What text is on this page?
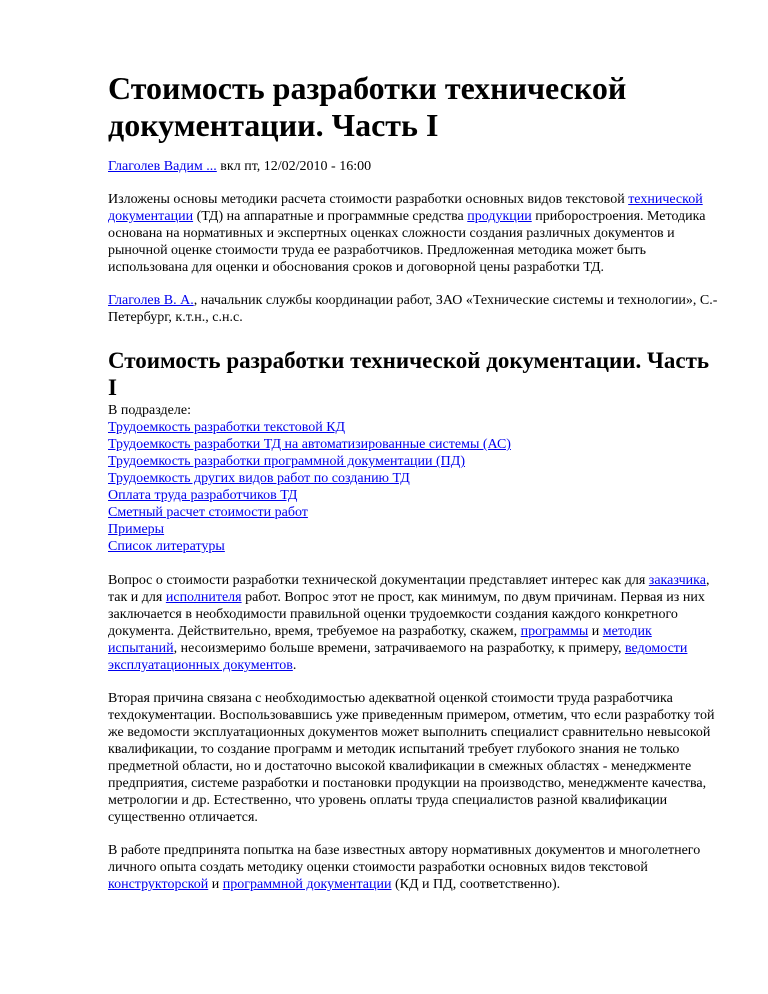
Стоимость разработки технической документации. Часть I
Глаголев Вадим ... вкл пт, 12/02/2010 - 16:00

Изложены основы методики расчета стоимости разработки основных видов текстовой технической документации (ТД) на аппаратные и программные средства продукции приборостроения. Методика основана на нормативных и экспертных оценках сложности создания различных документов и рыночной оценке стоимости труда ее разработчиков. Предложенная методика может быть использована для оценки и обоснования сроков и договорной цены разработки ТД.

Глаголев В. А., начальник службы координации работ, ЗАО «Технические системы и технологии», С.-Петербург, к.т.н., с.н.с.

Стоимость разработки технической документации. Часть I
В подразделе:
Трудоемкость разработки текстовой КД
Трудоемкость разработки ТД на автоматизированные системы (АС)
Трудоемкость разработки программной документации (ПД)
Трудоемкость других видов работ по созданию ТД
Оплата труда разработчиков ТД
Сметный расчет стоимости работ
Примеры
Список литературы

Вопрос о стоимости разработки технической документации представляет интерес как для заказчика, так и для исполнителя работ. Вопрос этот не прост, как минимум, по двум причинам. Первая из них заключается в необходимости правильной оценки трудоемкости создания каждого конкретного документа. Действительно, время, требуемое на разработку, скажем, программы и методик испытаний, несоизмеримо больше времени, затрачиваемого на разработку, к примеру, ведомости эксплуатационных документов.

Вторая причина связана с необходимостью адекватной оценкой стоимости труда разработчика техдокументации. Воспользовавшись уже приведенным примером, отметим, что если разработку той же ведомости эксплуатационных документов может выполнить специалист сравнительно невысокой квалификации, то создание программ и методик испытаний требует глубокого знания не только предметной области, но и достаточно высокой квалификации в смежных областях - менеджменте предприятия, системе разработки и постановки продукции на производство, менеджменте качества, метрологии и др. Естественно, что уровень оплаты труда специалистов разной квалификации существенно отличается.

В работе предпринята попытка на базе известных автору нормативных документов и многолетнего личного опыта создать методику оценки стоимости разработки основных видов текстовой конструкторской и программной документации (КД и ПД, соответственно).
